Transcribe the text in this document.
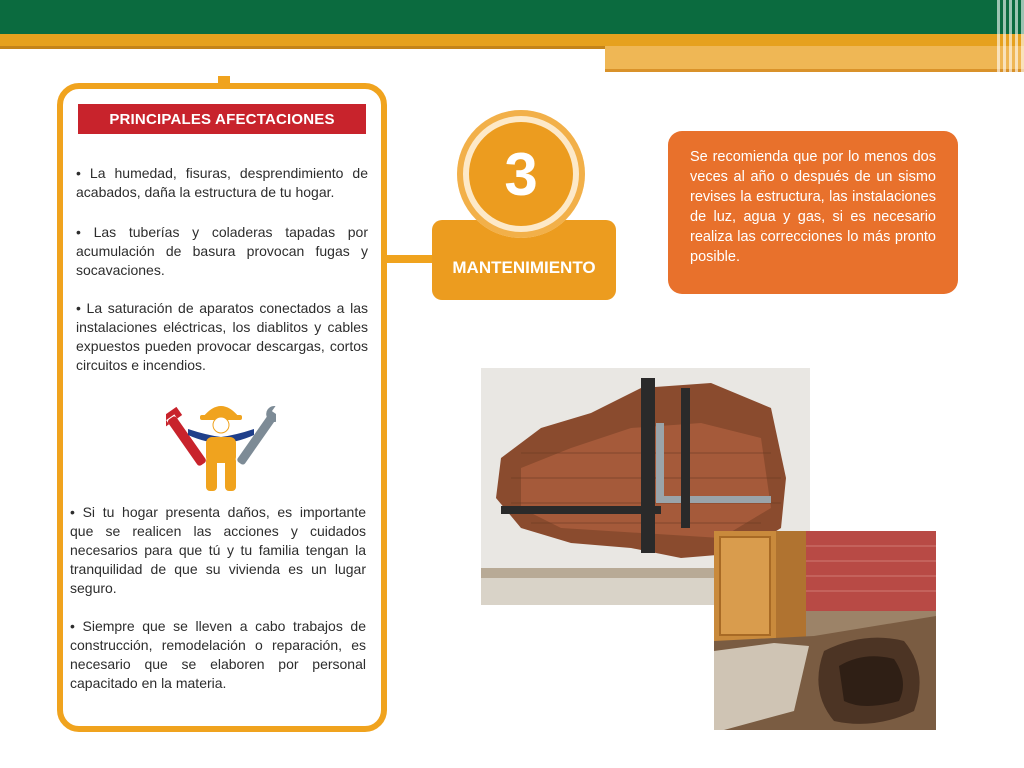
PRINCIPALES AFECTACIONES
• La humedad, fisuras, desprendimiento de acabados, daña la estructura de tu hogar.
• Las tuberías y coladeras tapadas por acumulación de basura provocan fugas y socavaciones.
• La saturación de aparatos conectados a las instalaciones eléctricas, los diablitos y cables expuestos pueden provocar descargas, cortos circuitos e incendios.
• Si tu hogar presenta daños, es importante que se realicen las acciones y cuidados necesarios para que tú y tu familia tengan la tranquilidad de que su vivienda es un lugar seguro.
• Siempre que se lleven a cabo trabajos de construcción, remodelación o reparación, es necesario que se elaboren por personal capacitado en la materia.
MANTENIMIENTO
3	Se recomienda que por lo menos dos veces al año o después de un sismo revises la estructura, las instalaciones de luz, agua y gas, si es necesario realiza las correcciones lo más pronto posible.
